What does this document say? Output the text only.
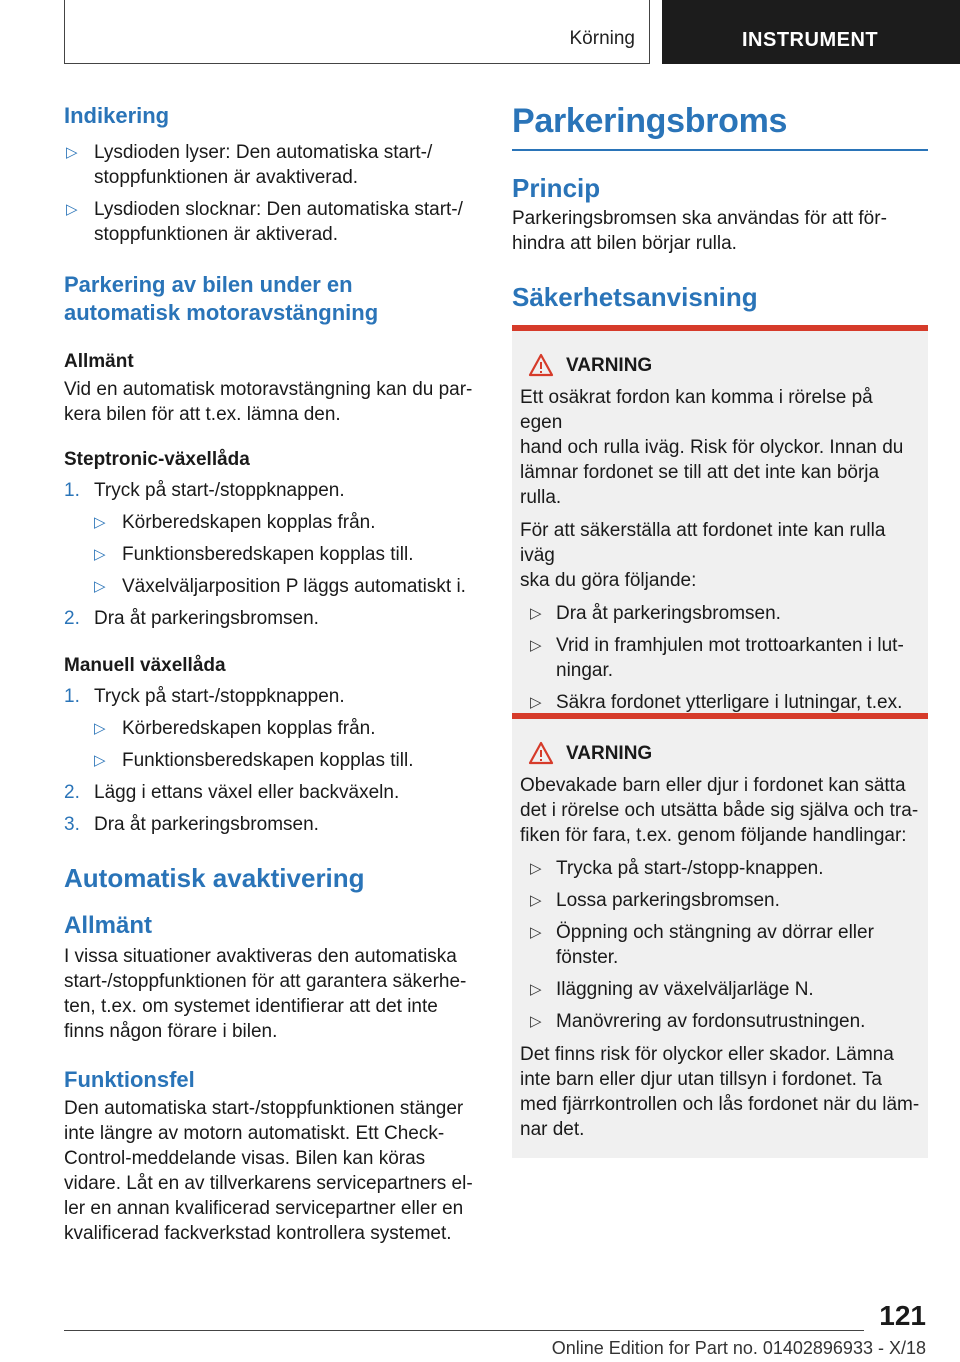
Körning	INSTRUMENT
Indikering
▷ Lysdioden lyser: Den automatiska start-/
stoppfunktionen är avaktiverad.
▷ Lysdioden slocknar: Den automatiska start-/
stoppfunktionen är aktiverad.
Parkering av bilen under en
automatisk motoravstängning

Allmänt

Vid en automatisk motoravstängning kan du par-
kera bilen för att t.ex. lämna den.

Steptronic-växellåda

1. Tryck på start-/stoppknappen.
▷ Körberedskapen kopplas från.
▷ Funktionsberedskapen kopplas till.
▷ Växelväljarposition P läggs automatiskt i.
2. Dra åt parkeringsbromsen.

Manuell växellåda

1. Tryck på start-/stoppknappen.
▷ Körberedskapen kopplas från.
▷ Funktionsberedskapen kopplas till.
2. Lägg i ettans växel eller backväxeln.
3. Dra åt parkeringsbromsen.
Automatisk avaktivering
Allmänt

I vissa situationer avaktiveras den automatiska
start-/stoppfunktionen för att garantera säkerhe-
ten, t.ex. om systemet identifierar att det inte
finns någon förare i bilen.

Funktionsfel

Den automatiska start-/stoppfunktionen stänger
inte längre av motorn automatiskt. Ett Check-
Control-meddelande visas. Bilen kan köras
vidare. Låt en av tillverkarens servicepartners el-
ler en annan kvalificerad servicepartner eller en
kvalificerad fackverkstad kontrollera systemet.

Parkeringsbroms
Princip

Parkeringsbromsen ska användas för att för-
hindra att bilen börjar rulla.

Säkerhetsanvisning
VARNING

Ett osäkrat fordon kan komma i rörelse på egen
hand och rulla iväg. Risk för olyckor. Innan du
lämnar fordonet se till att det inte kan börja
rulla.

För att säkerställa att fordonet inte kan rulla iväg
ska du göra följande:

▷ Dra åt parkeringsbromsen.
▷ Vrid in framhjulen mot trottoarkanten i lut-
ningar.
▷ Säkra fordonet ytterligare i lutningar, t.ex.

VARNING

Obevakade barn eller djur i fordonet kan sätta
det i rörelse och utsätta både sig själva och tra-
fiken för fara, t.ex. genom följande handlingar:

▷ Trycka på start-/stopp-knappen.
▷ Lossa parkeringsbromsen.
▷ Öppning och stängning av dörrar eller
fönster.
▷ Iläggning av växelväljarläge N.
▷ Manövrering av fordonsutrustningen.

Det finns risk för olyckor eller skador. Lämna
inte barn eller djur utan tillsyn i fordonet. Ta
med fjärrkontrollen och lås fordonet när du läm-
nar det.

121
Online Edition for Part no. 01402896933 - X/18
